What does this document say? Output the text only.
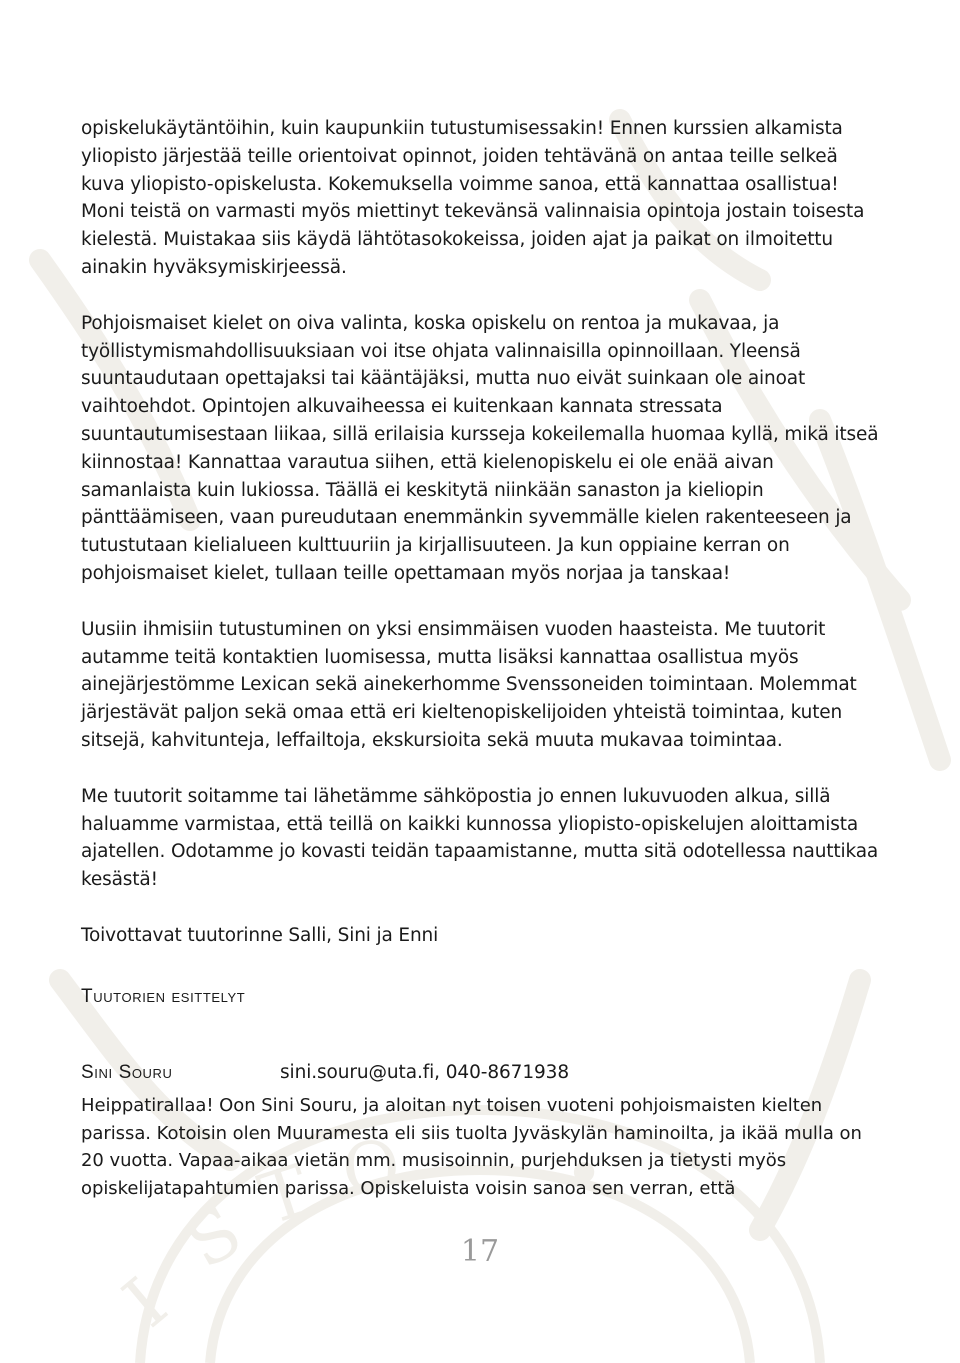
I
S
T O •

opiskelukäytäntöihin, kuin kaupunkiin tutustumisessakin! Ennen kurssien alkamista yliopisto järjestää teille orientoivat opinnot, joiden tehtävänä on antaa teille selkeä kuva yliopisto-opiskelusta. Kokemuksella voimme sanoa, että kannattaa osallistua! Moni teistä on varmasti myös miettinyt tekevänsä valinnaisia opintoja jostain toisesta kielestä. Muistakaa siis käydä lähtötasokokeissa, joiden ajat ja paikat on ilmoitettu ainakin hyväksymiskirjeessä.

Pohjoismaiset kielet on oiva valinta, koska opiskelu on rentoa ja mukavaa, ja työllistymismahdollisuuksiaan voi itse ohjata valinnaisilla opinnoillaan. Yleensä suuntaudutaan opettajaksi tai kääntäjäksi, mutta nuo eivät suinkaan ole ainoat vaihtoehdot. Opintojen alkuvaiheessa ei kuitenkaan kannata stressata suuntautumisestaan liikaa, sillä erilaisia kursseja kokeilemalla huomaa kyllä, mikä itseä kiinnostaa! Kannattaa varautua siihen, että kielenopiskelu ei ole enää aivan samanlaista kuin lukiossa. Täällä ei keskitytä niinkään sanaston ja kieliopin pänttäämiseen, vaan pureudutaan enemmänkin syvemmälle kielen rakenteeseen ja tutustutaan kielialueen kulttuuriin ja kirjallisuuteen. Ja kun oppiaine kerran on pohjoismaiset kielet, tullaan teille opettamaan myös norjaa ja tanskaa!

Uusiin ihmisiin tutustuminen on yksi ensimmäisen vuoden haasteista. Me tuutorit autamme teitä kontaktien luomisessa, mutta lisäksi kannattaa osallistua myös ainejärjestömme Lexican sekä ainekerhomme Svenssoneiden toimintaan. Molemmat järjestävät paljon sekä omaa että eri kieltenopiskelijoiden yhteistä toimintaa, kuten sitsejä, kahvitunteja, leffailtoja, ekskursioita sekä muuta mukavaa toimintaa.

Me tuutorit soitamme tai lähetämme sähköpostia jo ennen lukuvuoden alkua, sillä haluamme varmistaa, että teillä on kaikki kunnossa yliopisto-opiskelujen aloittamista ajatellen. Odotamme jo kovasti teidän tapaamistanne, mutta sitä odotellessa nauttikaa kesästä!

Toivottavat tuutorinne Salli, Sini ja Enni

Tuutorien esittelyt
Sini Souru	sini.souru@uta.fi, 040-8671938

Heippatirallaa! Oon Sini Souru, ja aloitan nyt toisen vuoteni pohjoismaisten kielten parissa. Kotoisin olen Muuramesta eli siis tuolta Jyväskylän haminoilta, ja ikää mulla on 20 vuotta. Vapaa-aikaa vietän mm. musisoinnin, purjehduksen ja tietysti myös opiskelijatapahtumien parissa. Opiskeluista voisin sanoa sen verran, että

17
